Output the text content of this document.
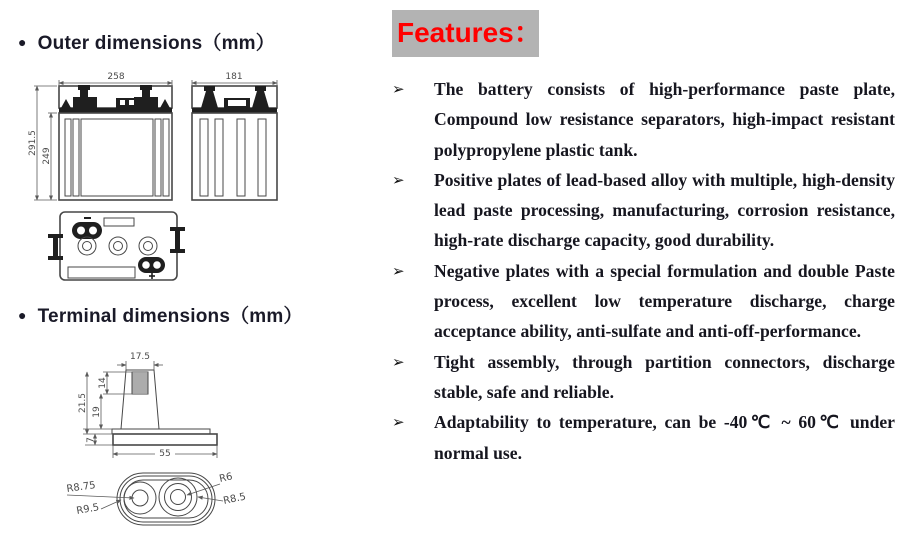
● Outer dimensions（mm）
258
291.5
249
181
● Terminal dimensions（mm）
17.5
14
19
21.5
7
55
R8.75
R9.5
R6
R8.5
Features：
➢	The battery consists of high-performance paste plate, Compound low resistance separators, high-impact resistant polypropylene plastic tank.
➢	Positive plates of lead-based alloy with multiple, high-density lead paste processing, manufacturing, corrosion resistance, high-rate discharge capacity, good durability.
➢	Negative plates with a special formulation and double Paste process, excellent low temperature discharge, charge acceptance ability, anti-sulfate and anti-off-performance.
➢	Tight assembly, through partition connectors, discharge stable, safe and reliable.
➢	Adaptability to temperature, can be -40℃ ~ 60℃ under normal use.
